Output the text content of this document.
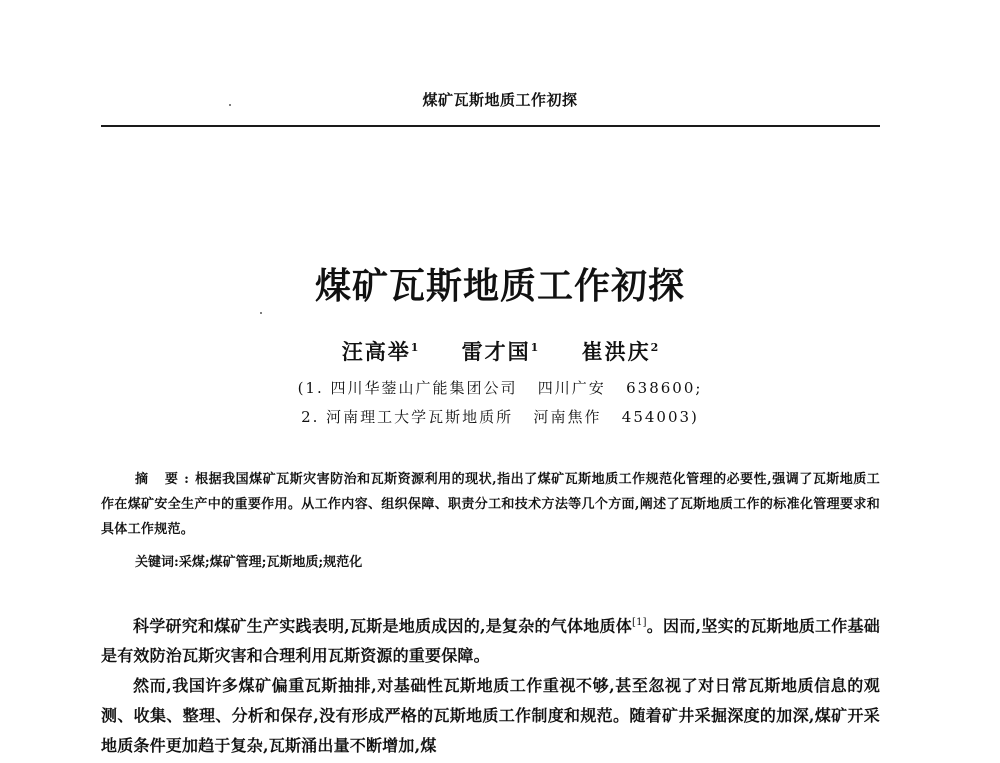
煤矿瓦斯地质工作初探
煤矿瓦斯地质工作初探
汪高举$^1$ 雷才国$^1$ 崔洪庆$^2$
(1. 四川华蓥山广能集团公司   四川广安   638600;
2. 河南理工大学瓦斯地质所   河南焦作   454003)
摘 要:根据我国煤矿瓦斯灾害防治和瓦斯资源利用的现状,指出了煤矿瓦斯地质工作规范化管理的必要性,强调了瓦斯地质工作在煤矿安全生产中的重要作用。从工作内容、组织保障、职责分工和技术方法等几个方面,阐述了瓦斯地质工作的标准化管理要求和具体工作规范。
关键词:采煤;煤矿管理;瓦斯地质;规范化

科学研究和煤矿生产实践表明,瓦斯是地质成因的,是复杂的气体地质体[1]。因而,坚实的瓦斯地质工作基础是有效防治瓦斯灾害和合理利用瓦斯资源的重要保障。

然而,我国许多煤矿偏重瓦斯抽排,对基础性瓦斯地质工作重视不够,甚至忽视了对日常瓦斯地质信息的观测、收集、整理、分析和保存,没有形成严格的瓦斯地质工作制度和规范。随着矿井采掘深度的加深,煤矿开采地质条件更加趋于复杂,瓦斯涌出量不断增加,煤
